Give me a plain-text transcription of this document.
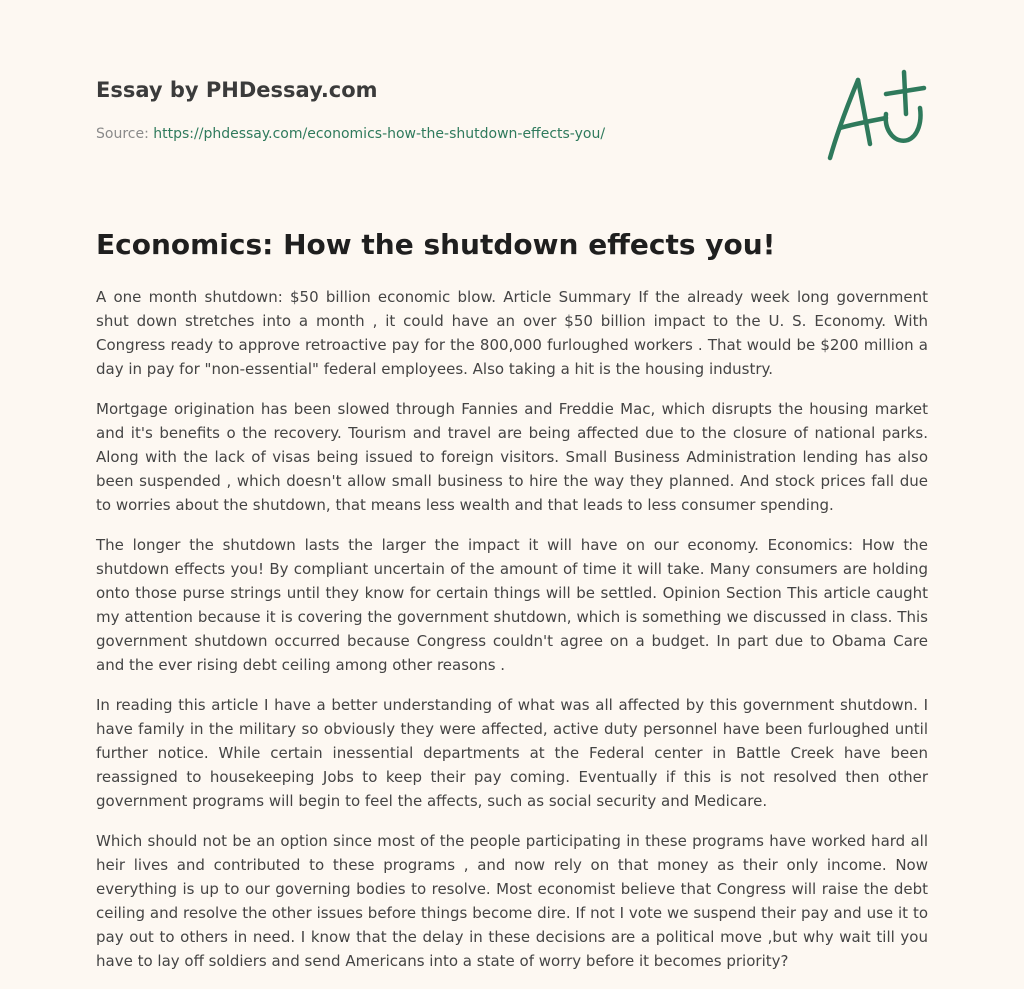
Essay by PHDessay.com

Source: https://phdessay.com/economics-how-the-shutdown-effects-you/
Economics: How the shutdown effects you!

A one month shutdown: $50 billion economic blow. Article Summary If the already week long government shut down stretches into a month , it could have an over $50 billion impact to the U. S. Economy. With Congress ready to approve retroactive pay for the 800,000 furloughed workers . That would be $200 million a day in pay for "non-essential" federal employees. Also taking a hit is the housing industry.

Mortgage origination has been slowed through Fannies and Freddie Mac, which disrupts the housing market and it's benefits o the recovery. Tourism and travel are being affected due to the closure of national parks. Along with the lack of visas being issued to foreign visitors. Small Business Administration lending has also been suspended , which doesn't allow small business to hire the way they planned. And stock prices fall due to worries about the shutdown, that means less wealth and that leads to less consumer spending.

The longer the shutdown lasts the larger the impact it will have on our economy. Economics: How the shutdown effects you! By compliant uncertain of the amount of time it will take. Many consumers are holding onto those purse strings until they know for certain things will be settled. Opinion Section This article caught my attention because it is covering the government shutdown, which is something we discussed in class. This government shutdown occurred because Congress couldn't agree on a budget. In part due to Obama Care and the ever rising debt ceiling among other reasons .

In reading this article I have a better understanding of what was all affected by this government shutdown. I have family in the military so obviously they were affected, active duty personnel have been furloughed until further notice. While certain inessential departments at the Federal center in Battle Creek have been reassigned to housekeeping Jobs to keep their pay coming. Eventually if this is not resolved then other government programs will begin to feel the affects, such as social security and Medicare.

Which should not be an option since most of the people participating in these programs have worked hard all heir lives and contributed to these programs , and now rely on that money as their only income. Now everything is up to our governing bodies to resolve. Most economist believe that Congress will raise the debt ceiling and resolve the other issues before things become dire. If not I vote we suspend their pay and use it to pay out to others in need. I know that the delay in these decisions are a political move ,but why wait till you have to lay off soldiers and send Americans into a state of worry before it becomes priority?
